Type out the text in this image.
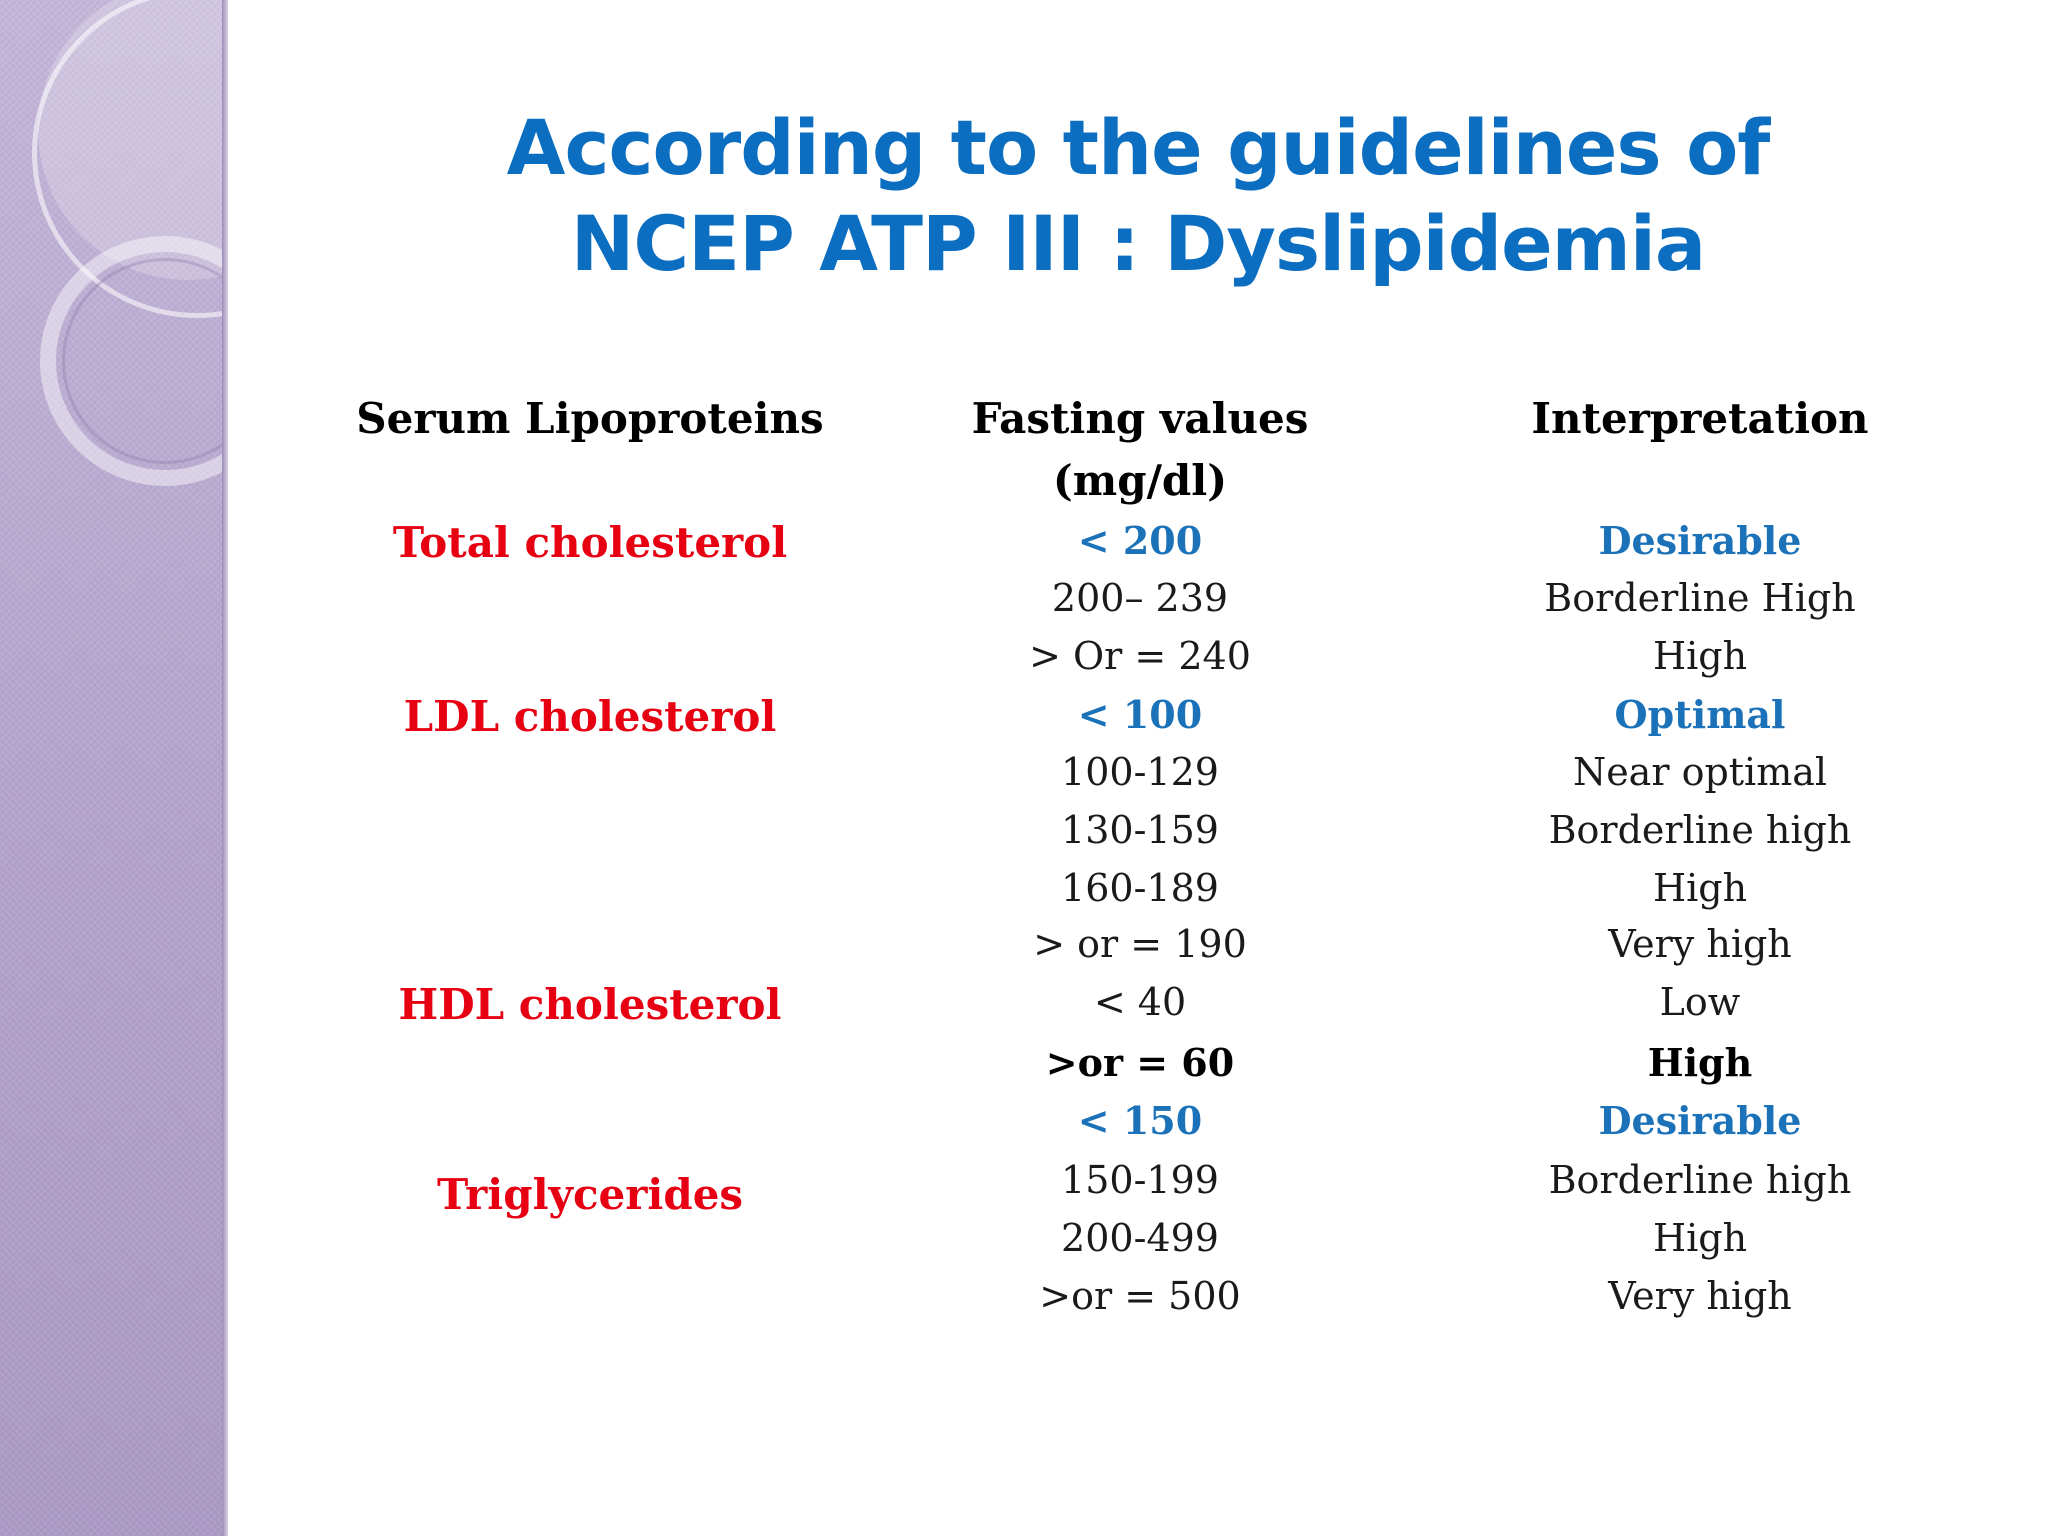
According to the guidelines of
NCEP ATP III : Dyslipidemia
Serum Lipoproteins	Fasting values
(mg/dl)
Interpretation
Total cholesterol
LDL cholesterol
HDL cholesterol
Triglycerides
< 200
200– 239
> Or = 240
< 100
100-129
130-159
160-189
> or = 190
< 40
>or = 60
< 150
150-199
200-499
>or = 500
Desirable
Borderline High
High
Optimal
Near optimal
Borderline high
High
Very high
Low
High
Desirable
Borderline high
High
Very high
